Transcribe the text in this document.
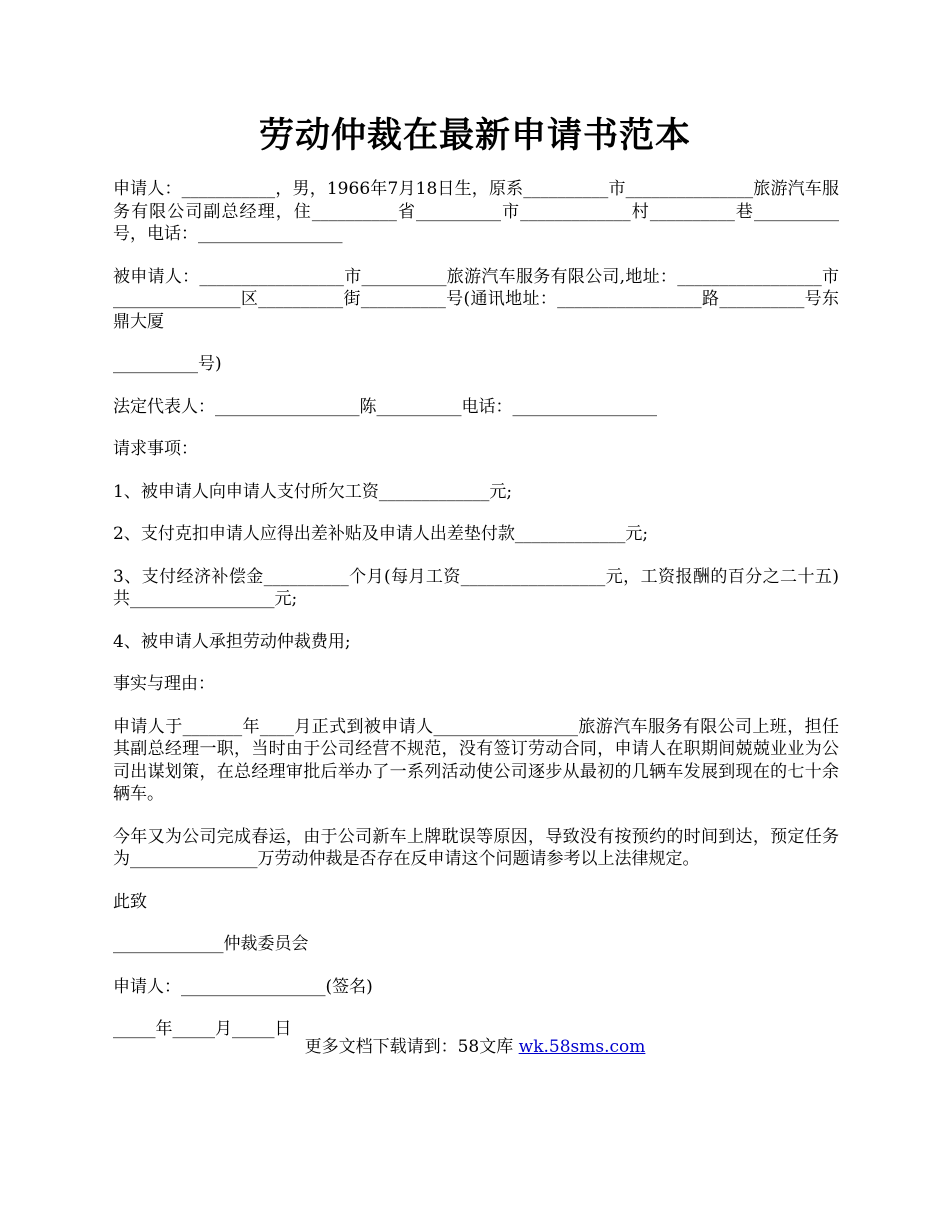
劳动仲裁在最新申请书范本

申请人：___________，男，1966年7月18日生，原系__________市_______________旅游汽车服务有限公司副总经理，住__________省__________市_____________村__________巷__________号，电话：_________________

被申请人：_________________市__________旅游汽车服务有限公司,地址：_________________市_______________区__________街__________号(通讯地址：_________________路__________号东鼎大厦

__________号)

法定代表人：_________________陈__________电话：_________________

请求事项：

1、被申请人向申请人支付所欠工资_____________元;

2、支付克扣申请人应得出差补贴及申请人出差垫付款_____________元;

3、支付经济补偿金__________个月(每月工资_________________元，工资报酬的百分之二十五)共_________________元;

4、被申请人承担劳动仲裁费用;

事实与理由：

申请人于_______年____月正式到被申请人_________________旅游汽车服务有限公司上班，担任其副总经理一职，当时由于公司经营不规范，没有签订劳动合同，申请人在职期间兢兢业业为公司出谋划策，在总经理审批后举办了一系列活动使公司逐步从最初的几辆车发展到现在的七十余辆车。

今年又为公司完成春运，由于公司新车上牌耽误等原因，导致没有按预约的时间到达，预定任务为_______________万劳动仲裁是否存在反申请这个问题请参考以上法律规定。

此致

_____________仲裁委员会

申请人：_________________(签名)

_____年_____月_____日

更多文档下载请到：58文库 wk.58sms.com
